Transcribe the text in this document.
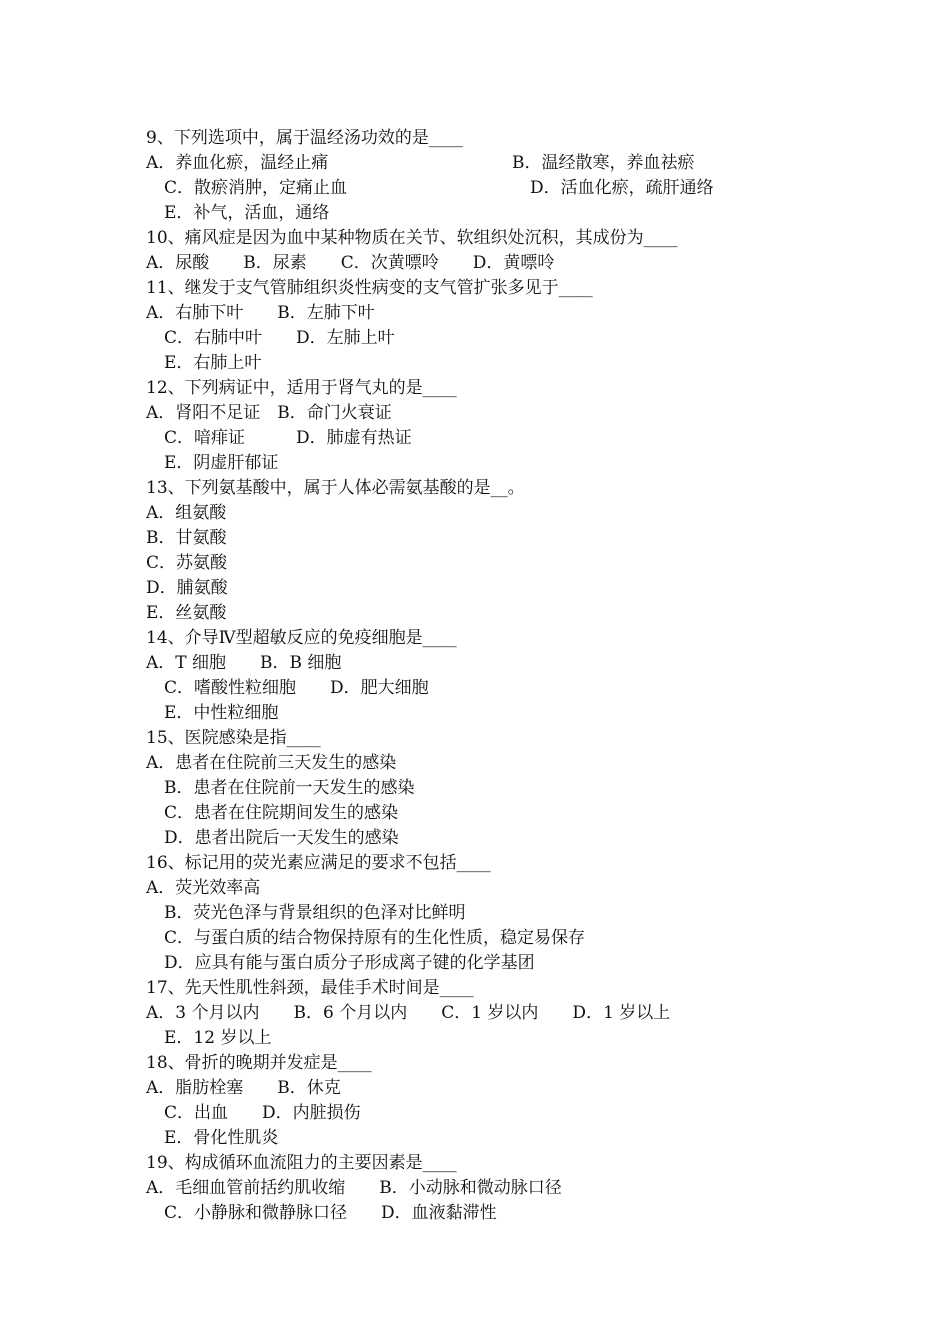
9、下列选项中，属于温经汤功效的是____
A．养血化瘀，温经止痛	B．温经散寒，养血祛瘀
C．散瘀消肿，定痛止血	D．活血化瘀，疏肝通络
E．补气，活血，通络
10、痛风症是因为血中某种物质在关节、软组织处沉积，其成份为____
A．尿酸　　B．尿素　　C．次黄嘌呤　　D．黄嘌呤
11、继发于支气管肺组织炎性病变的支气管扩张多见于____
A．右肺下叶　　B．左肺下叶
C．右肺中叶　　D．左肺上叶
E．右肺上叶
12、下列病证中，适用于肾气丸的是____
A．肾阳不足证　B．命门火衰证
C．喑痱证　　　D．肺虚有热证
E．阴虚肝郁证
13、下列氨基酸中，属于人体必需氨基酸的是__。
A．组氨酸
B．甘氨酸
C．苏氨酸
D．脯氨酸
E．丝氨酸
14、介导Ⅳ型超敏反应的免疫细胞是____
A．T 细胞　　B．B 细胞
C．嗜酸性粒细胞　　D．肥大细胞
E．中性粒细胞
15、医院感染是指____
A．患者在住院前三天发生的感染
B．患者在住院前一天发生的感染
C．患者在住院期间发生的感染
D．患者出院后一天发生的感染
16、标记用的荧光素应满足的要求不包括____
A．荧光效率高
B．荧光色泽与背景组织的色泽对比鲜明
C．与蛋白质的结合物保持原有的生化性质，稳定易保存
D．应具有能与蛋白质分子形成离子键的化学基团
17、先天性肌性斜颈，最佳手术时间是____
A．3 个月以内　　B．6 个月以内　　C．1 岁以内　　D．1 岁以上
E．12 岁以上
18、骨折的晚期并发症是____
A．脂肪栓塞　　B．休克
C．出血　　D．内脏损伤
E．骨化性肌炎
19、构成循环血流阻力的主要因素是____
A．毛细血管前括约肌收缩　　B．小动脉和微动脉口径
C．小静脉和微静脉口径　　D．血液黏滞性
